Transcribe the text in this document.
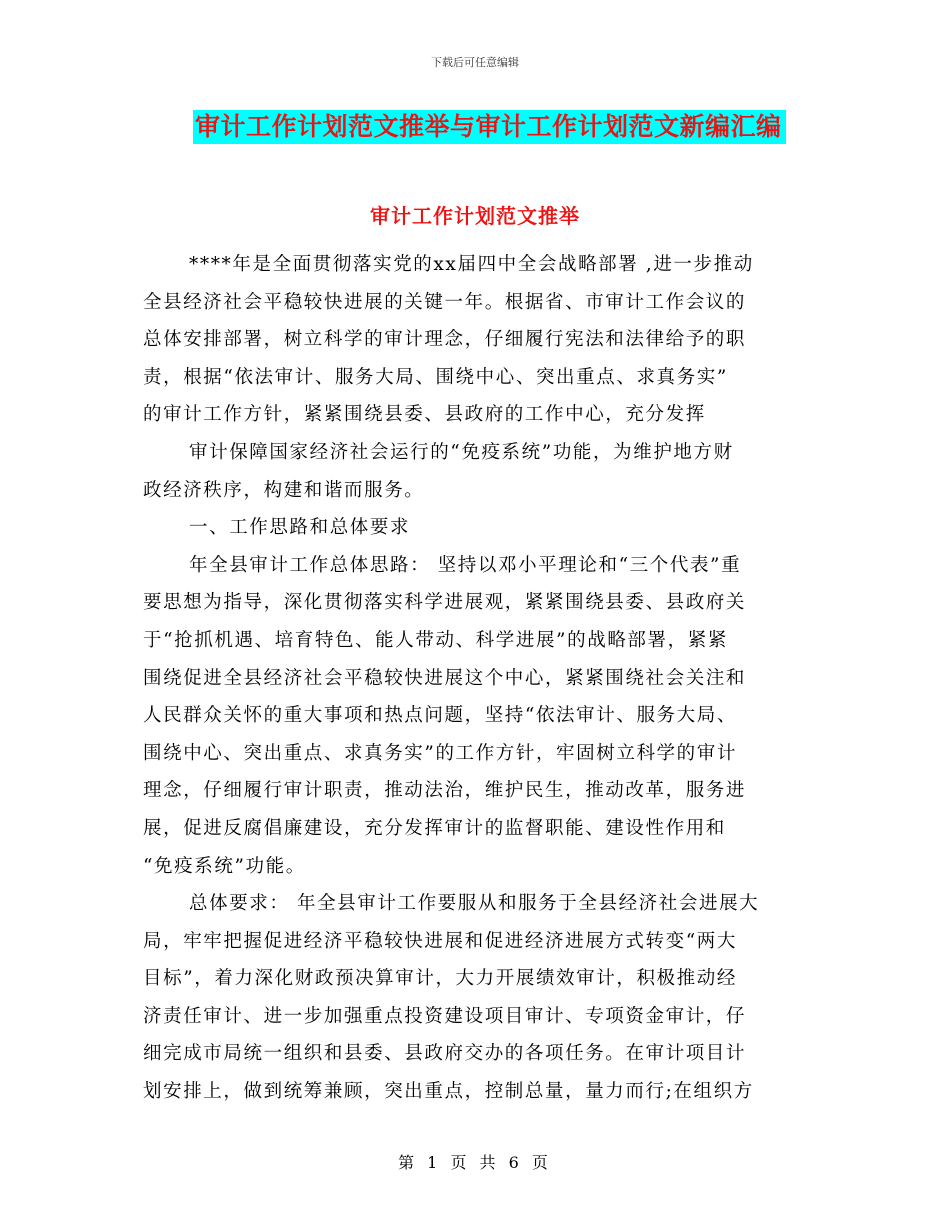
下载后可任意编辑
审计工作计划范文推举与审计工作计划范文新编汇编
审计工作计划范文推举
****年是全面贯彻落实党的xx届四中全会战略部署 ,进一步推动
全县经济社会平稳较快进展的关键一年。根据省、市审计工作会议的
总体安排部署，树立科学的审计理念，仔细履行宪法和法律给予的职
责，根据“依法审计、服务大局、围绕中心、突出重点、求真务实”
的审计工作方针，紧紧围绕县委、县政府的工作中心，充分发挥
审计保障国家经济社会运行的“免疫系统”功能，为维护地方财
政经济秩序，构建和谐而服务。
一、工作思路和总体要求
年全县审计工作总体思路： 坚持以邓小平理论和“三个代表”重
要思想为指导，深化贯彻落实科学进展观，紧紧围绕县委、县政府关
于“抢抓机遇、培育特色、能人带动、科学进展”的战略部署，紧紧
围绕促进全县经济社会平稳较快进展这个中心，紧紧围绕社会关注和
人民群众关怀的重大事项和热点问题，坚持“依法审计、服务大局、
围绕中心、突出重点、求真务实”的工作方针，牢固树立科学的审计
理念，仔细履行审计职责，推动法治，维护民生，推动改革，服务进
展，促进反腐倡廉建设，充分发挥审计的监督职能、建设性作用和
“免疫系统”功能。
总体要求： 年全县审计工作要服从和服务于全县经济社会进展大
局，牢牢把握促进经济平稳较快进展和促进经济进展方式转变“两大
目标”，着力深化财政预决算审计，大力开展绩效审计，积极推动经
济责任审计、进一步加强重点投资建设项目审计、专项资金审计，仔
细完成市局统一组织和县委、县政府交办的各项任务。在审计项目计
划安排上，做到统筹兼顾，突出重点，控制总量，量力而行;在组织方
第 1 页 共 6 页
